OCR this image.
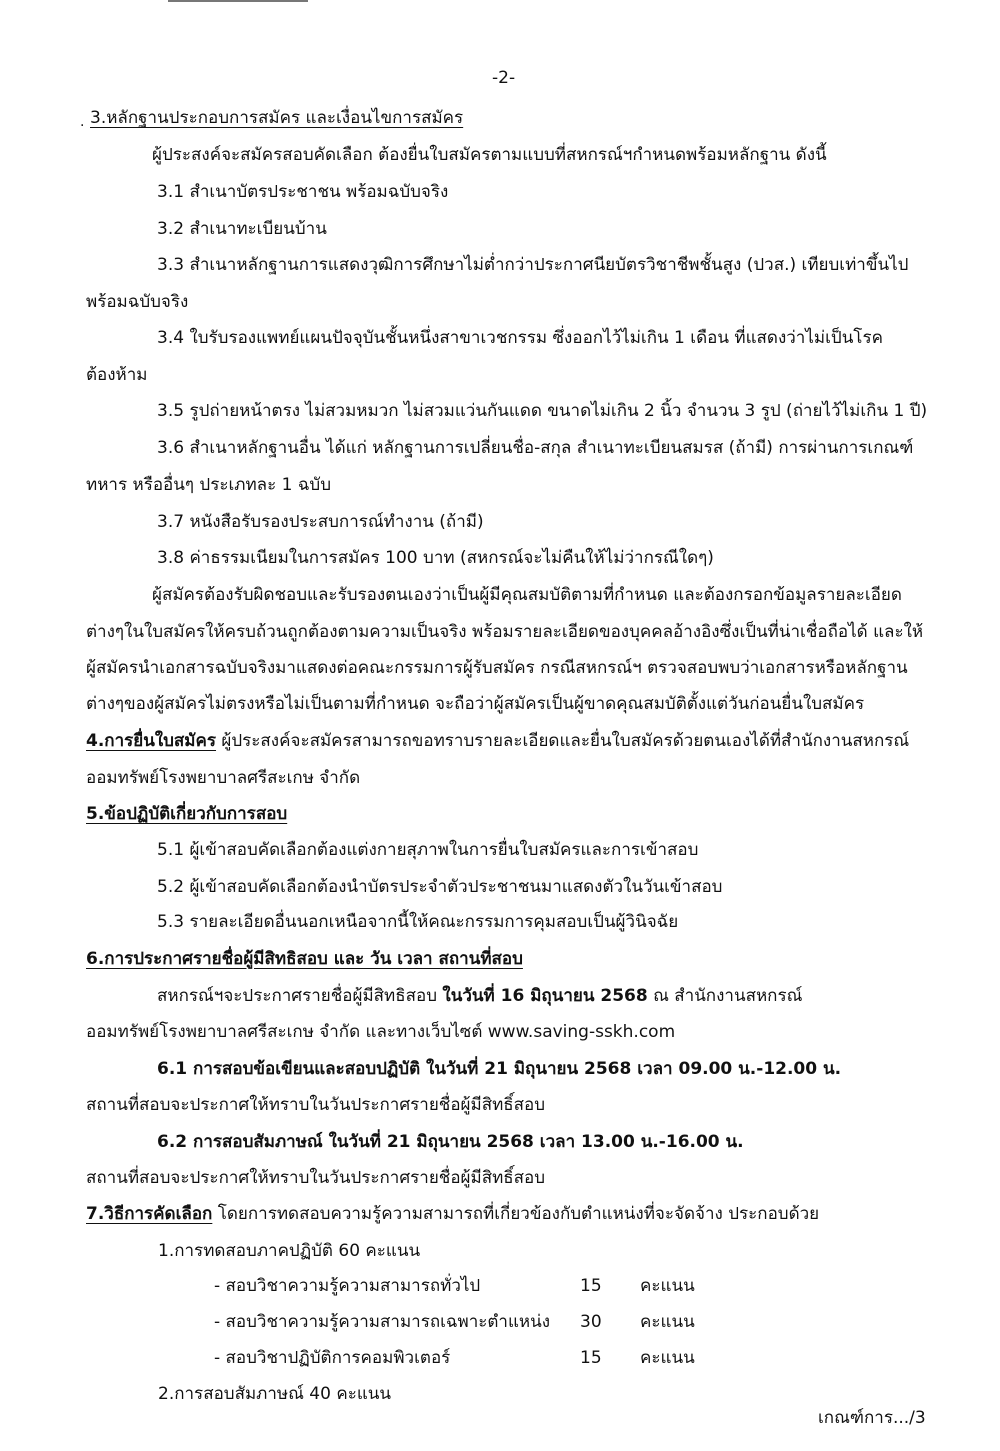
-2-
. 3.หลักฐานประกอบการสมัคร และเงื่อนไขการสมัคร
ผู้ประสงค์จะสมัครสอบคัดเลือก ต้องยื่นใบสมัครตามแบบที่สหกรณ์ฯกำหนดพร้อมหลักฐาน ดังนี้
3.1 สำเนาบัตรประชาชน พร้อมฉบับจริง
3.2 สำเนาทะเบียนบ้าน
3.3 สำเนาหลักฐานการแสดงวุฒิการศึกษาไม่ต่ำกว่าประกาศนียบัตรวิชาชีพชั้นสูง (ปวส.) เทียบเท่าขึ้นไป
พร้อมฉบับจริง
3.4 ใบรับรองแพทย์แผนปัจจุบันชั้นหนึ่งสาขาเวชกรรม ซึ่งออกไว้ไม่เกิน 1 เดือน ที่แสดงว่าไม่เป็นโรค
ต้องห้าม
3.5 รูปถ่ายหน้าตรง ไม่สวมหมวก ไม่สวมแว่นกันแดด ขนาดไม่เกิน 2 นิ้ว จำนวน 3 รูป (ถ่ายไว้ไม่เกิน 1 ปี)
3.6 สำเนาหลักฐานอื่น ได้แก่ หลักฐานการเปลี่ยนชื่อ-สกุล สำเนาทะเบียนสมรส (ถ้ามี) การผ่านการเกณฑ์
ทหาร หรืออื่นๆ ประเภทละ 1 ฉบับ
3.7 หนังสือรับรองประสบการณ์ทำงาน (ถ้ามี)
3.8 ค่าธรรมเนียมในการสมัคร 100 บาท (สหกรณ์จะไม่คืนให้ไม่ว่ากรณีใดๆ)
ผู้สมัครต้องรับผิดชอบและรับรองตนเองว่าเป็นผู้มีคุณสมบัติตามที่กำหนด และต้องกรอกข้อมูลรายละเอียด
ต่างๆในใบสมัครให้ครบถ้วนถูกต้องตามความเป็นจริง พร้อมรายละเอียดของบุคคลอ้างอิงซึ่งเป็นที่น่าเชื่อถือได้ และให้
ผู้สมัครนำเอกสารฉบับจริงมาแสดงต่อคณะกรรมการผู้รับสมัคร กรณีสหกรณ์ฯ ตรวจสอบพบว่าเอกสารหรือหลักฐาน
ต่างๆของผู้สมัครไม่ตรงหรือไม่เป็นตามที่กำหนด จะถือว่าผู้สมัครเป็นผู้ขาดคุณสมบัติตั้งแต่วันก่อนยื่นใบสมัคร
4.การยื่นใบสมัคร ผู้ประสงค์จะสมัครสามารถขอทราบรายละเอียดและยื่นใบสมัครด้วยตนเองได้ที่สำนักงานสหกรณ์
ออมทรัพย์โรงพยาบาลศรีสะเกษ จำกัด
5.ข้อปฏิบัติเกี่ยวกับการสอบ
5.1 ผู้เข้าสอบคัดเลือกต้องแต่งกายสุภาพในการยื่นใบสมัครและการเข้าสอบ
5.2 ผู้เข้าสอบคัดเลือกต้องนำบัตรประจำตัวประชาชนมาแสดงตัวในวันเข้าสอบ
5.3 รายละเอียดอื่นนอกเหนือจากนี้ให้คณะกรรมการคุมสอบเป็นผู้วินิจฉัย
6.การประกาศรายชื่อผู้มีสิทธิสอบ และ วัน เวลา สถานที่สอบ
สหกรณ์ฯจะประกาศรายชื่อผู้มีสิทธิสอบ ในวันที่ 16 มิถุนายน 2568 ณ สำนักงานสหกรณ์
ออมทรัพย์โรงพยาบาลศรีสะเกษ จำกัด และทางเว็บไซต์ www.saving-sskh.com
6.1 การสอบข้อเขียนและสอบปฏิบัติ ในวันที่ 21 มิถุนายน 2568 เวลา 09.00 น.-12.00 น.
สถานที่สอบจะประกาศให้ทราบในวันประกาศรายชื่อผู้มีสิทธิ์สอบ
6.2 การสอบสัมภาษณ์ ในวันที่ 21 มิถุนายน 2568 เวลา 13.00 น.-16.00 น.
สถานที่สอบจะประกาศให้ทราบในวันประกาศรายชื่อผู้มีสิทธิ์สอบ
7.วิธีการคัดเลือก โดยการทดสอบความรู้ความสามารถที่เกี่ยวข้องกับตำแหน่งที่จะจัดจ้าง ประกอบด้วย
1.การทดสอบภาคปฏิบัติ 60 คะแนน
- สอบวิชาความรู้ความสามารถทั่วไป	15 คะแนน
- สอบวิชาความรู้ความสามารถเฉพาะตำแหน่ง 30 คะแนน
- สอบวิชาปฏิบัติการคอมพิวเตอร์	15 คะแนน
2.การสอบสัมภาษณ์ 40 คะแนน
เกณฑ์การ.../3
